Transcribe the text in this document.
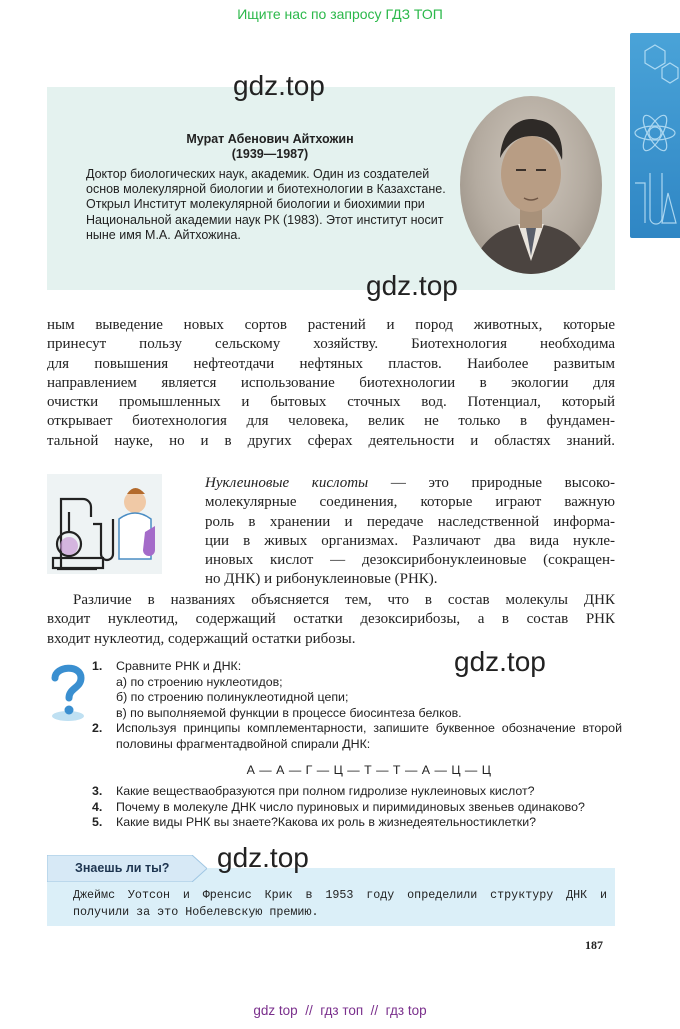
Ищите нас по запросу ГДЗ ТОП
gdz.top
Мурат Абенович Айтхожин
(1939—1987)
Доктор биологических наук, академик. Один из создателей
основ молекулярной биологии и биотехнологии в Казахстане.
Открыл Институт молекулярной биологии и биохимии при
Национальной академии наук РК (1983). Этот институт носит
ныне имя М.А. Айтхожина.
gdz.top

ным выведение новых сортов растений и пород животных, которые

принесут пользу сельскому хозяйству. Биотехнология необходима

для повышения нефтеотдачи нефтяных пластов. Наиболее развитым

направлением является использование биотехнологии в экологии для

очистки промышленных и бытовых сточных вод. Потенциал, который

открывает биотехнология для человека, велик не только в фундамен-

тальной науке, но и в других сферах деятельности и областях знаний.

Нуклеиновые кислоты — это природные высоко-
молекулярные соединения, которые играют важную
роль в хранении и передаче наследственной информа-
ции в живых организмах. Различают два вида нукле-
иновых кислот — дезоксирибонуклеиновые (сокращен-
но ДНК) и рибонуклеиновые (РНК).

Различие в названиях объясняется тем, что в состав молекулы ДНК

входит нуклеотид, содержащий остатки дезоксирибозы, а в состав РНК

входит нуклеотид, содержащий остатки рибозы.

gdz.top
1. Сравните РНК и ДНК:
а) по строению нуклеотидов;
б) по строению полинуклеотидной цепи;
в) по выполняемой функции в процессе биосинтеза белков.
2. Используя принципы комплементарности, запишите буквенное обозначение второй половины фрагментадвойной спирали ДНК:
А — А — Г — Ц — Т — Т — А — Ц — Ц
3. Какие веществаобразуются при полном гидролизе нуклеиновых кислот?
4. Почему в молекуле ДНК число пуриновых и пиримидиновых звеньев одинаково?
5. Какие виды РНК вы знаете?Какова их роль в жизнедеятельностиклетки?
Знаешь ли ты? gdz.top
Джеймс Уотсон и Френсис Крик в 1953 году определили структуру ДНК и
получили за это Нобелевскую премию.
187
gdz top  //  гдз топ  //  гдз top
